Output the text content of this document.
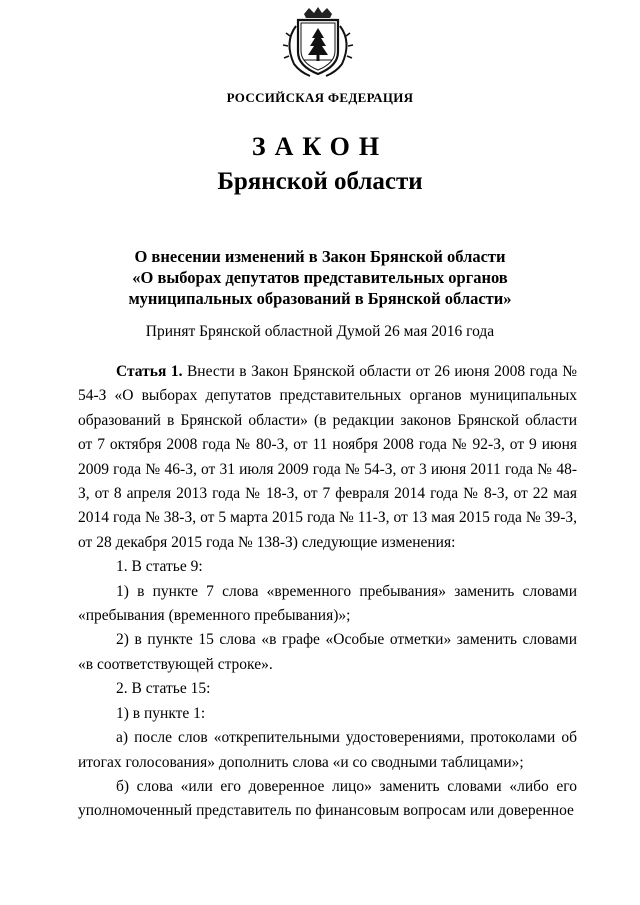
РОССИЙСКАЯ ФЕДЕРАЦИЯ
ЗАКОН
Брянской области
О внесении изменений в Закон Брянской области
«О выборах депутатов представительных органов
муниципальных образований в Брянской области»
Принят Брянской областной Думой 26 мая 2016 года

Статья 1. Внести в Закон Брянской области от 26 июня 2008 года № 54-З «О выборах депутатов представительных органов муниципальных образований в Брянской области» (в редакции законов Брянской области от 7 октября 2008 года № 80-З, от 11 ноября 2008 года № 92-З, от 9 июня 2009 года № 46-З, от 31 июля 2009 года № 54-З, от 3 июня 2011 года № 48-З, от 8 апреля 2013 года № 18-З, от 7 февраля 2014 года № 8-З, от 22 мая 2014 года № 38-З, от 5 марта 2015 года № 11-З, от 13 мая 2015 года № 39-З, от 28 декабря 2015 года № 138-З) следующие изменения:

1. В статье 9:

1) в пункте 7 слова «временного пребывания» заменить словами «пребывания (временного пребывания)»;

2) в пункте 15 слова «в графе «Особые отметки» заменить словами «в соответствующей строке».

2. В статье 15:

1) в пункте 1:

а) после слов «открепительными удостоверениями, протоколами об итогах голосования» дополнить слова «и со сводными таблицами»;

б) слова «или его доверенное лицо» заменить словами «либо его уполномоченный представитель по финансовым вопросам или доверенное
